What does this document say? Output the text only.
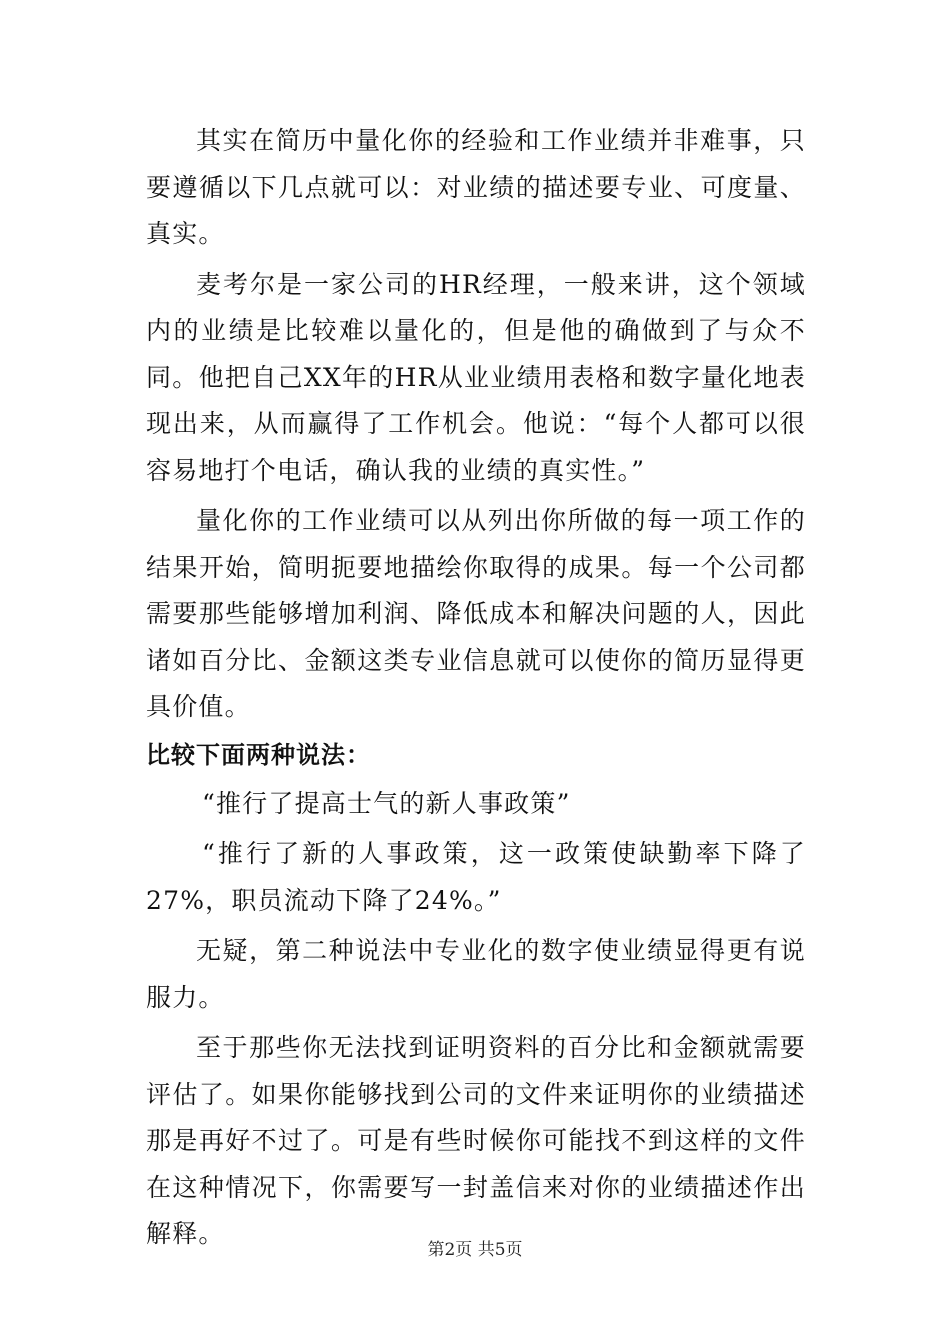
其实在简历中量化你的经验和工作业绩并非难事，只要遵循以下几点就可以：对业绩的描述要专业、可度量、真实。

麦考尔是一家公司的HR经理，一般来讲，这个领域内的业绩是比较难以量化的，但是他的确做到了与众不同。他把自己XX年的HR从业业绩用表格和数字量化地表现出来，从而赢得了工作机会。他说：“每个人都可以很容易地打个电话，确认我的业绩的真实性。”

量化你的工作业绩可以从列出你所做的每一项工作的结果开始，简明扼要地描绘你取得的成果。每一个公司都需要那些能够增加利润、降低成本和解决问题的人，因此诸如百分比、金额这类专业信息就可以使你的简历显得更具价值。

比较下面两种说法：

“推行了提高士气的新人事政策”

“推行了新的人事政策，这一政策使缺勤率下降了27%，职员流动下降了24%。”

无疑，第二种说法中专业化的数字使业绩显得更有说服力。

至于那些你无法找到证明资料的百分比和金额就需要评估了。如果你能够找到公司的文件来证明你的业绩描述那是再好不过了。可是有些时候你可能找不到这样的文件在这种情况下，你需要写一封盖信来对你的业绩描述作出解释。

第2页 共5页
